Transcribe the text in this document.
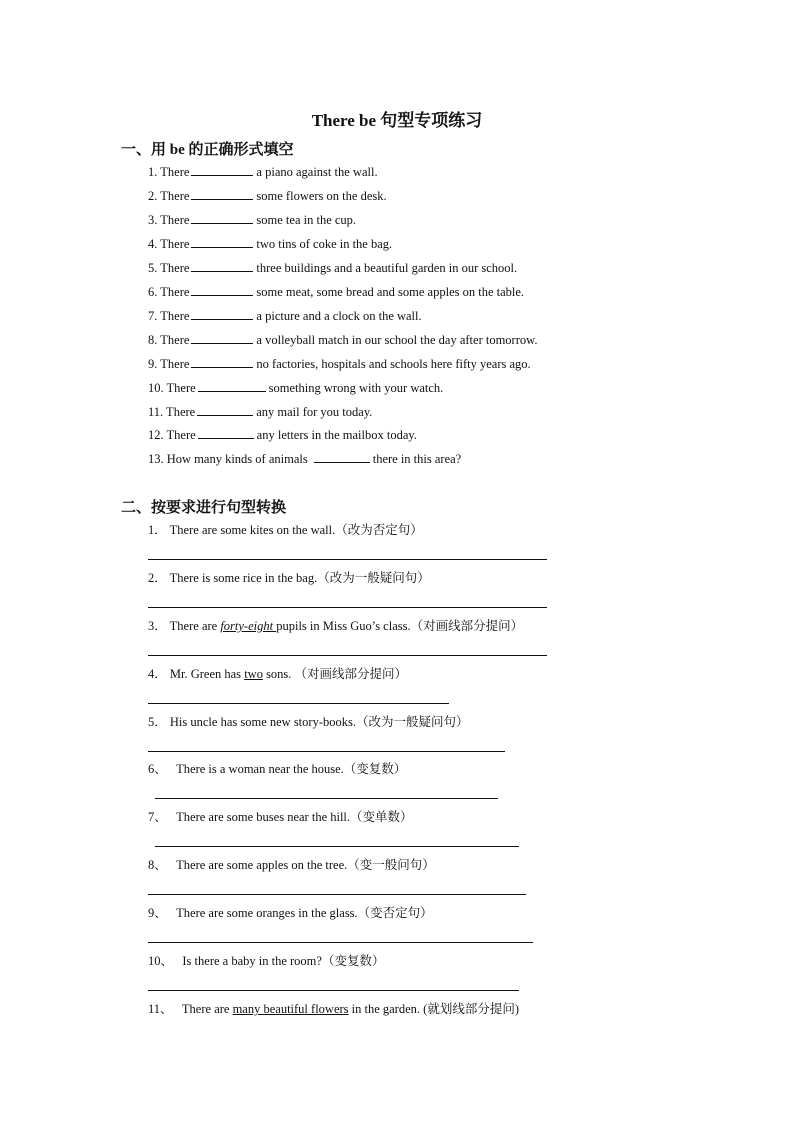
There be 句型专项练习
一、用 be 的正确形式填空
1. There	a piano against the wall.
2. There	some flowers on the desk.
3. There	some tea in the cup.
4. There	two tins of coke in the bag.
5. There	three buildings and a beautiful garden in our school.
6. There	some meat, some bread and some apples on the table.
7. There	a picture and a clock on the wall.
8. There	a volleyball match in our school the day after tomorrow.
9. There	no factories, hospitals and schools here fifty years ago.
10. There	something wrong with your watch.
11. There	any mail for you today.
12. There	any letters in the mailbox today.
13. How many kinds of animals	there in this area?
二、按要求进行句型转换
1． There are some kites on the wall.（改为否定句）
2． There is some rice in the bag.（改为一般疑问句）
3． There are forty-eight pupils in Miss Guo’s class.（对画线部分提问）
4． Mr. Green has two sons. （对画线部分提问）
5． His uncle has some new story-books.（改为一般疑问句）
6、 There is a woman near the house.（变复数）
7、 There are some buses near the hill.（变单数）
8、 There are some apples on the tree.（变一般问句）
9、 There are some oranges in the glass.（变否定句）
10、 Is there a baby in the room?（变复数）
11、 There are many beautiful flowers in the garden. (就划线部分提问)
